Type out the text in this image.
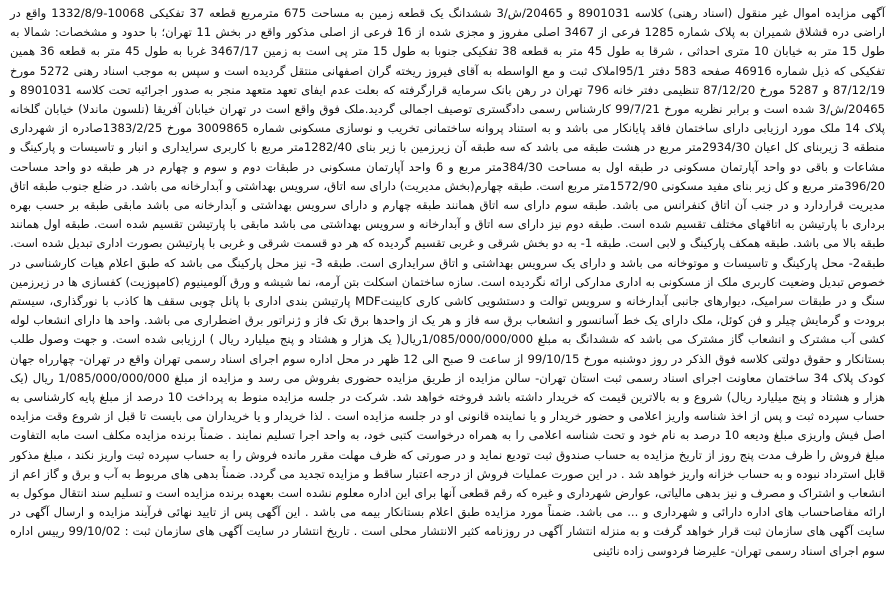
آگهی مزایده اموال غیر منقول (اسناد رهنی) کلاسه 8901031 و 20465/ش/3 ششدانگ یک قطعه زمین به مساحت 675 مترمربع قطعه 37 تفکیکی 10068-1332/8/9 واقع در اراضی دره قشلاق شمیران به پلاک شماره 1285 فرعی از 3467 اصلی مفروز و مجزی شده از 16 فرعی از اصلی مذکور واقع در بخش 11 تهران؛ با حدود و مشخصات: شمالا به طول 15 متر به خیابان 10 متری احداثی ، شرقا به طول 45 متر به قطعه 38 تفکیکی جنوبا به طول 15 متر پی است به زمین 3467/17 غربا به طول 45 متر به قطعه 36 همین تفکیکی که ذیل شماره 46916 صفحه 583 دفتر 95/1املاک ثبت و مع الواسطه به آقای فیروز ریخته گران اصفهانی منتقل گردیده است و سپس به موجب اسناد رهنی 5272 مورخ 87/12/19 و 5287 مورخ 87/12/20 تنظیمی دفتر خانه 796 تهران در رهن بانک سرمایه قرارگرفته که بعلت عدم ایفای تعهد متعهد منجر به صدور اجرائیه تحت کلاسه 8901031 و 20465/ش/3 شده است و برابر نظریه مورخ 99/7/21 کارشناس رسمی دادگستری توصیف اجمالی گردید.ملک فوق واقع است در تهران خیابان آفریقا (نلسون ماندلا) خیابان گلخانه پلاک 14 ملک مورد ارزیابی دارای ساختمان فاقد پایانکار می باشد و به استناد پروانه ساختمانی تخریب و نوسازی مسکونی شماره 3009865 مورخ 1383/2/25صادره از شهرداری منطقه 3 زیربنای کل اعیان 2934/30متر مربع در هشت طبقه می باشد که سه طبقه آن زیرزمین با زیر بنای 1282/40متر مربع با کاربری سرایداری و انبار و تاسیسات و پارکینگ و مشاعات و باقی دو واحد آپارتمان مسکونی در طبقه اول به مساحت 384/30متر مربع و 6 واحد آپارتمان مسکونی در طبقات دوم و سوم و چهارم در هر طبقه دو واحد مساحت 396/20متر مربع و کل زیر بنای مفید مسکونی 1572/90متر مربع است. طبقه چهارم(بخش مدیریت) دارای سه اتاق، سرویس بهداشتی و آبدارخانه می باشد. در ضلع جنوب طبقه اتاق مدیریت قراردارد و در جنب آن اتاق کنفرانس می باشد. طبقه سوم دارای سه اتاق همانند طبقه چهارم و دارای سرویس بهداشتی و آبدارخانه می باشد مابقی طبقه بر حسب بهره برداری با پارتیشن به اتاقهای مختلف تقسیم شده است. طبقه دوم نیز دارای سه اتاق و آبدارخانه و سرویس بهداشتی می باشد مابقی با پارتیشن تقسیم شده است. طبقه اول همانند طبقه بالا می باشد. طبقه همکف پارکینگ و لابی است. طبقه 1- به دو بخش شرقی و غربی تقسیم گردیده که هر دو قسمت شرقی و غربی با پارتیشن بصورت اداری تبدیل شده است. طبقه2- محل پارکینگ و تاسیسات و موتوخانه می باشد و دارای یک سرویس بهداشتی و اتاق سرایداری است. طبقه 3- نیز محل پارکینگ می باشد که طبق اعلام هیات کارشناسی در خصوص تبدیل وضعیت کاربری ملک از مسکونی به اداری مدارکی ارائه نگردیده است. سازه ساختمان اسکلت بتن آرمه، نما شیشه و ورق آلومینیوم (کامپوزیت) کفسازی ها در زیرزمین سنگ و در طبقات سرامیک، دیوارهای جانبی آبدارخانه و سرویس توالت و دستشویی کاشی کاری کابینتMDF پارتیشن بندی اداری با پانل چوبی سقف ها کاذب با نورگذاری، سیستم برودت و گرمایش چیلر و فن کوئل، ملک دارای یک خط آسانسور و انشعاب برق سه فاز و هر یک از واحدها برق تک فاز و ژنراتور برق اضطراری می باشد. واحد ها دارای انشعاب لوله کشی آب مشترک و انشعاب گاز مشترک می باشد که ششدانگ به مبلغ 1/085/000/000/000ریال( یک هزار و هشتاد و پنج میلیارد ریال ) ارزیابی شده است. و جهت وصول طلب بستانکار و حقوق دولتی کلاسه فوق الذکر در روز دوشنبه مورخ 99/10/15 از ساعت 9 صبح الی 12 ظهر در محل اداره سوم اجرای اسناد رسمی تهران واقع در تهران- چهارراه جهان کودک پلاک 34 ساختمان معاونت اجرای اسناد رسمی ثبت استان تهران- سالن مزایده از طریق مزایده حضوری بفروش می رسد و مزایده از مبلغ 1/085/000/000/000 ریال (یک هزار و هشتاد و پنج میلیارد ریال) شروع و به بالاترین قیمت که خریدار داشته باشد فروخته خواهد شد. شرکت در جلسه مزایده منوط به پرداخت 10 درصد از مبلغ پایه کارشناسی به حساب سپرده ثبت و پس از اخذ شناسه واریز اعلامی و حضور خریدار و یا نماینده قانونی او در جلسه مزایده است . لذا خریدار و یا خریداران می بایست تا قبل از شروع وقت مزایده اصل فیش واریزی مبلغ ودیعه 10 درصد به نام خود و تحت شناسه اعلامی را به همراه درخواست کتبی خود، به واحد اجرا تسلیم نمایند . ضمناً برنده مزایده مکلف است مابه التفاوت مبلغ فروش را ظرف مدت پنج روز از تاریخ مزایده به حساب صندوق ثبت تودیع نماید و در صورتی که ظرف مهلت مقرر مانده فروش را به حساب سپرده ثبت واریز نکند ، مبلغ مذکور قابل استرداد نبوده و به حساب خزانه واریز خواهد شد . در این صورت عملیات فروش از درجه اعتبار ساقط و مزایده تجدید می گردد. ضمناً بدهی های مربوط به آب و برق و گاز اعم از انشعاب و اشتراک و مصرف و نیز بدهی مالیاتی، عوارض شهرداری و غیره که رقم قطعی آنها برای این اداره معلوم نشده است بعهده برنده مزایده است و تسلیم سند انتقال موکول به ارائه مفاصاحساب های اداره دارائی و شهرداری و ... می باشد. ضمناً مورد مزایده طبق اعلام بستانکار بیمه می باشد . این آگهی پس از تایید نهائی فرآیند مزایده و ارسال آگهی در سایت آگهی های سازمان ثبت قرار خواهد گرفت و به منزله انتشار آگهی در روزنامه کثیر الانتشار محلی است . تاریخ انتشار در سایت آگهی های سازمان ثبت : 99/10/02 رییس اداره سوم اجرای اسناد رسمی تهران- علیرضا فردوسی زاده نائینی
